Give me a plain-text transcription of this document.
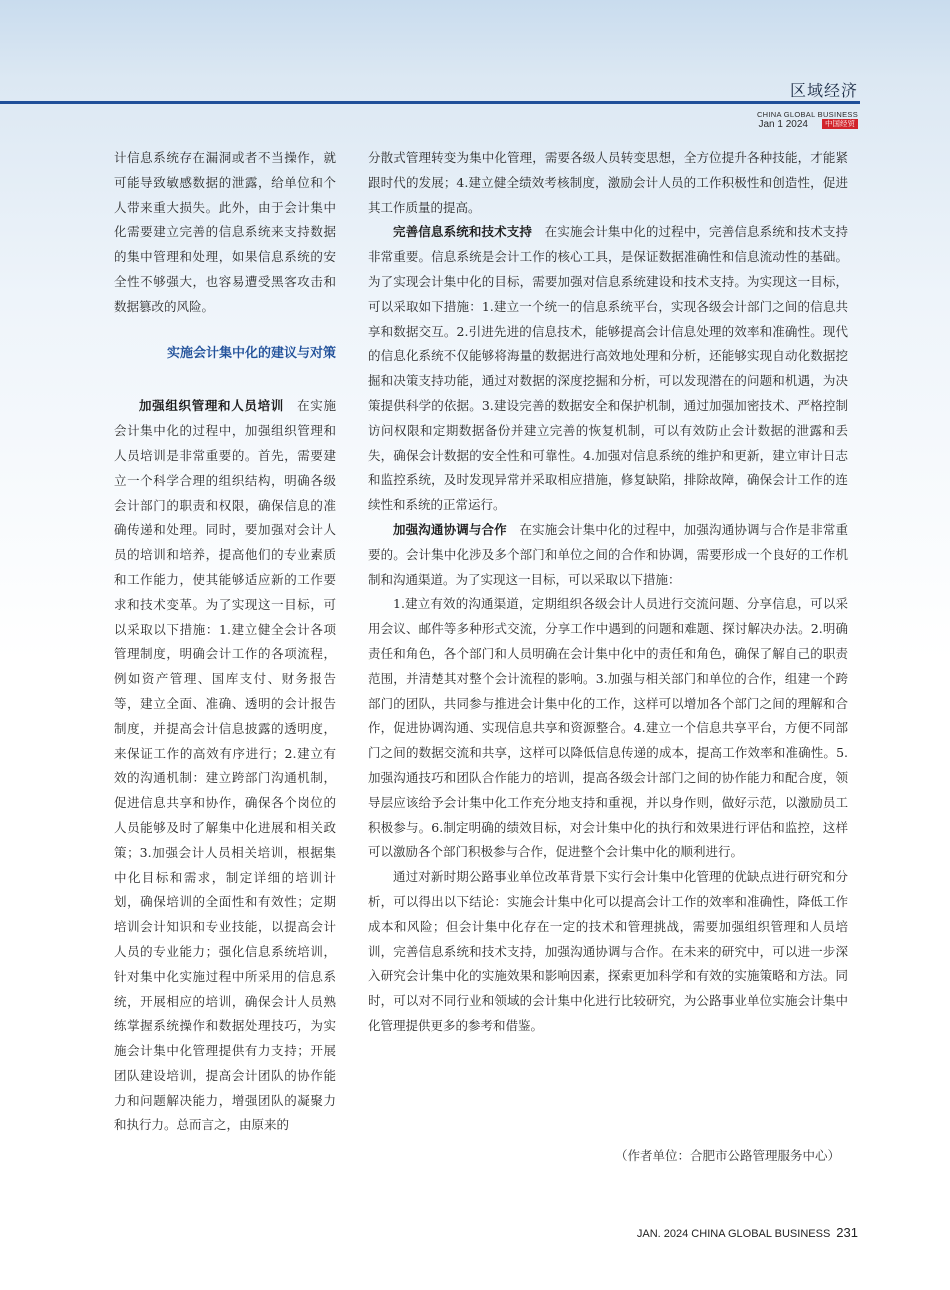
区域经济
CHINA GLOBAL BUSINESS
Jan 1 2024 中国经贸

计信息系统存在漏洞或者不当操作，就可能导致敏感数据的泄露，给单位和个人带来重大损失。此外，由于会计集中化需要建立完善的信息系统来支持数据的集中管理和处理，如果信息系统的安全性不够强大，也容易遭受黑客攻击和数据篡改的风险。

实施会计集中化的建议与对策

加强组织管理和人员培训　 在实施会计集中化的过程中，加强组织管理和人员培训是非常重要的。首先，需要建立一个科学合理的组织结构，明确各级会计部门的职责和权限，确保信息的准确传递和处理。同时，要加强对会计人员的培训和培养，提高他们的专业素质和工作能力，使其能够适应新的工作要求和技术变革。为了实现这一目标，可以采取以下措施：1.建立健全会计各项管理制度，明确会计工作的各项流程，例如资产管理、国库支付、财务报告等，建立全面、准确、透明的会计报告制度，并提高会计信息披露的透明度，来保证工作的高效有序进行；2.建立有效的沟通机制：建立跨部门沟通机制，促进信息共享和协作，确保各个岗位的人员能够及时了解集中化进展和相关政策；3.加强会计人员相关培训，根据集中化目标和需求，制定详细的培训计划，确保培训的全面性和有效性；定期培训会计知识和专业技能，以提高会计人员的专业能力；强化信息系统培训，针对集中化实施过程中所采用的信息系统，开展相应的培训，确保会计人员熟练掌握系统操作和数据处理技巧，为实施会计集中化管理提供有力支持；开展团队建设培训，提高会计团队的协作能力和问题解决能力，增强团队的凝聚力和执行力。总而言之，由原来的

分散式管理转变为集中化管理，需要各级人员转变思想，全方位提升各种技能，才能紧跟时代的发展；4.建立健全绩效考核制度，激励会计人员的工作积极性和创造性，促进其工作质量的提高。

完善信息系统和技术支持　 在实施会计集中化的过程中，完善信息系统和技术支持非常重要。信息系统是会计工作的核心工具，是保证数据准确性和信息流动性的基础。为了实现会计集中化的目标，需要加强对信息系统建设和技术支持。为实现这一目标，可以采取如下措施：1.建立一个统一的信息系统平台，实现各级会计部门之间的信息共享和数据交互。2.引进先进的信息技术，能够提高会计信息处理的效率和准确性。现代的信息化系统不仅能够将海量的数据进行高效地处理和分析，还能够实现自动化数据挖掘和决策支持功能，通过对数据的深度挖掘和分析，可以发现潜在的问题和机遇，为决策提供科学的依据。3.建设完善的数据安全和保护机制，通过加强加密技术、严格控制访问权限和定期数据备份并建立完善的恢复机制，可以有效防止会计数据的泄露和丢失，确保会计数据的安全性和可靠性。4.加强对信息系统的维护和更新，建立审计日志和监控系统，及时发现异常并采取相应措施，修复缺陷，排除故障，确保会计工作的连续性和系统的正常运行。

加强沟通协调与合作　 在实施会计集中化的过程中，加强沟通协调与合作是非常重要的。会计集中化涉及多个部门和单位之间的合作和协调，需要形成一个良好的工作机制和沟通渠道。为了实现这一目标，可以采取以下措施：

1.建立有效的沟通渠道，定期组织各级会计人员进行交流问题、分享信息，可以采用会议、邮件等多种形式交流，分享工作中遇到的问题和难题、探讨解决办法。2.明确责任和角色，各个部门和人员明确在会计集中化中的责任和角色，确保了解自己的职责范围，并清楚其对整个会计流程的影响。3.加强与相关部门和单位的合作，组建一个跨部门的团队，共同参与推进会计集中化的工作，这样可以增加各个部门之间的理解和合作，促进协调沟通、实现信息共享和资源整合。4.建立一个信息共享平台，方便不同部门之间的数据交流和共享，这样可以降低信息传递的成本，提高工作效率和准确性。5.加强沟通技巧和团队合作能力的培训，提高各级会计部门之间的协作能力和配合度，领导层应该给予会计集中化工作充分地支持和重视，并以身作则，做好示范，以激励员工积极参与。6.制定明确的绩效目标，对会计集中化的执行和效果进行评估和监控，这样可以激励各个部门积极参与合作，促进整个会计集中化的顺利进行。

通过对新时期公路事业单位改革背景下实行会计集中化管理的优缺点进行研究和分析，可以得出以下结论：实施会计集中化可以提高会计工作的效率和准确性，降低工作成本和风险；但会计集中化存在一定的技术和管理挑战，需要加强组织管理和人员培训，完善信息系统和技术支持，加强沟通协调与合作。在未来的研究中，可以进一步深入研究会计集中化的实施效果和影响因素，探索更加科学和有效的实施策略和方法。同时，可以对不同行业和领域的会计集中化进行比较研究，为公路事业单位实施会计集中化管理提供更多的参考和借鉴。

（作者单位：合肥市公路管理服务中心）
JAN. 2024 CHINA GLOBAL BUSINESS 231
